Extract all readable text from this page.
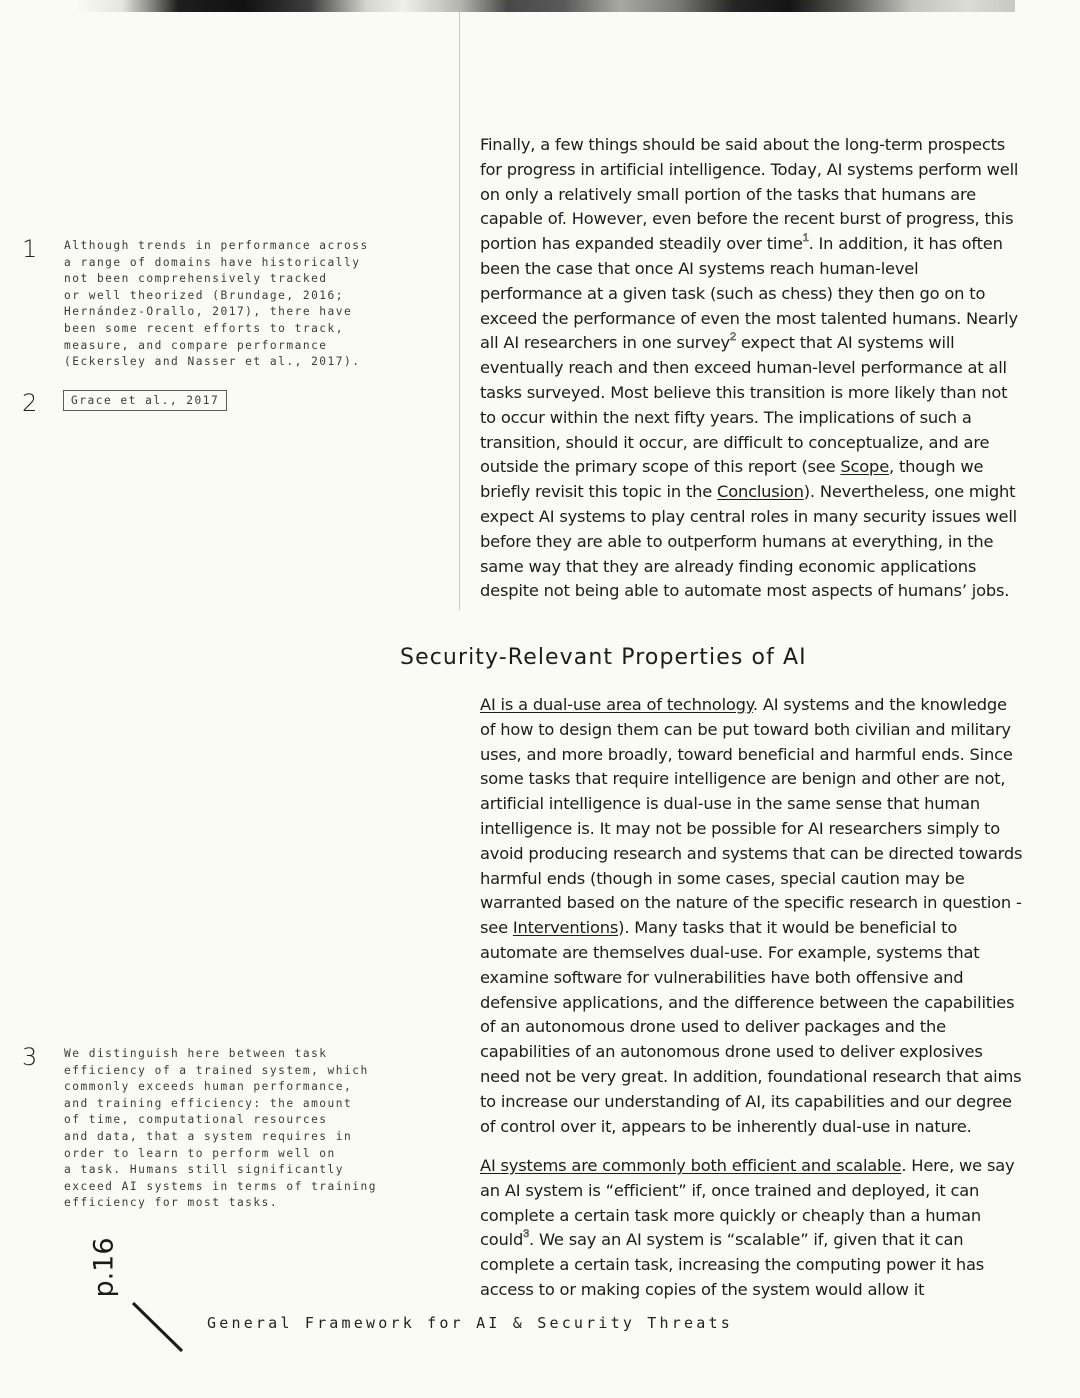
Finally, a few things should be said about the long-term prospects for progress in artificial intelligence. Today, AI systems perform well on only a relatively small portion of the tasks that humans are capable of. However, even before the recent burst of progress, this portion has expanded steadily over time$^1$. In addition, it has often been the case that once AI systems reach human-level performance at a given task (such as chess) they then go on to exceed the performance of even the most talented humans. Nearly all AI researchers in one survey$^2$ expect that AI systems will eventually reach and then exceed human-level performance at all tasks surveyed. Most believe this transition is more likely than not to occur within the next fifty years. The implications of such a transition, should it occur, are difficult to conceptualize, and are outside the primary scope of this report (see Scope, though we briefly revisit this topic in the Conclusion). Nevertheless, one might expect AI systems to play central roles in many security issues well before they are able to outperform humans at everything, in the same way that they are already finding economic applications despite not being able to automate most aspects of humans’ jobs.

Security-Relevant Properties of AI

AI is a dual-use area of technology. AI systems and the knowledge of how to design them can be put toward both civilian and military uses, and more broadly, toward beneficial and harmful ends. Since some tasks that require intelligence are benign and other are not, artificial intelligence is dual-use in the same sense that human intelligence is. It may not be possible for AI researchers simply to avoid producing research and systems that can be directed towards harmful ends (though in some cases, special caution may be warranted based on the nature of the specific research in question - see Interventions). Many tasks that it would be beneficial to automate are themselves dual-use. For example, systems that examine software for vulnerabilities have both offensive and defensive applications, and the difference between the capabilities of an autonomous drone used to deliver packages and the capabilities of an autonomous drone used to deliver explosives need not be very great. In addition, foundational research that aims to increase our understanding of AI, its capabilities and our degree of control over it, appears to be inherently dual-use in nature.

AI systems are commonly both efficient and scalable. Here, we say an AI system is “efficient” if, once trained and deployed, it can complete a certain task more quickly or cheaply than a human could$^3$. We say an AI system is “scalable” if, given that it can complete a certain task, increasing the computing power it has access to or making copies of the system would allow it

1 Although trends in performance across
a range of domains have historically
not been comprehensively tracked
or well theorized (Brundage, 2016;
Hernández-Orallo, 2017), there have
been some recent efforts to track,
measure, and compare performance
(Eckersley and Nasser et al., 2017).

2	Grace et al., 2017
3 We distinguish here between task
efficiency of a trained system, which
commonly exceeds human performance,
and training efficiency: the amount
of time, computational resources
and data, that a system requires in
order to learn to perform well on
a task. Humans still significantly
exceed AI systems in terms of training
efficiency for most tasks.

p.16
General Framework for AI & Security Threats
